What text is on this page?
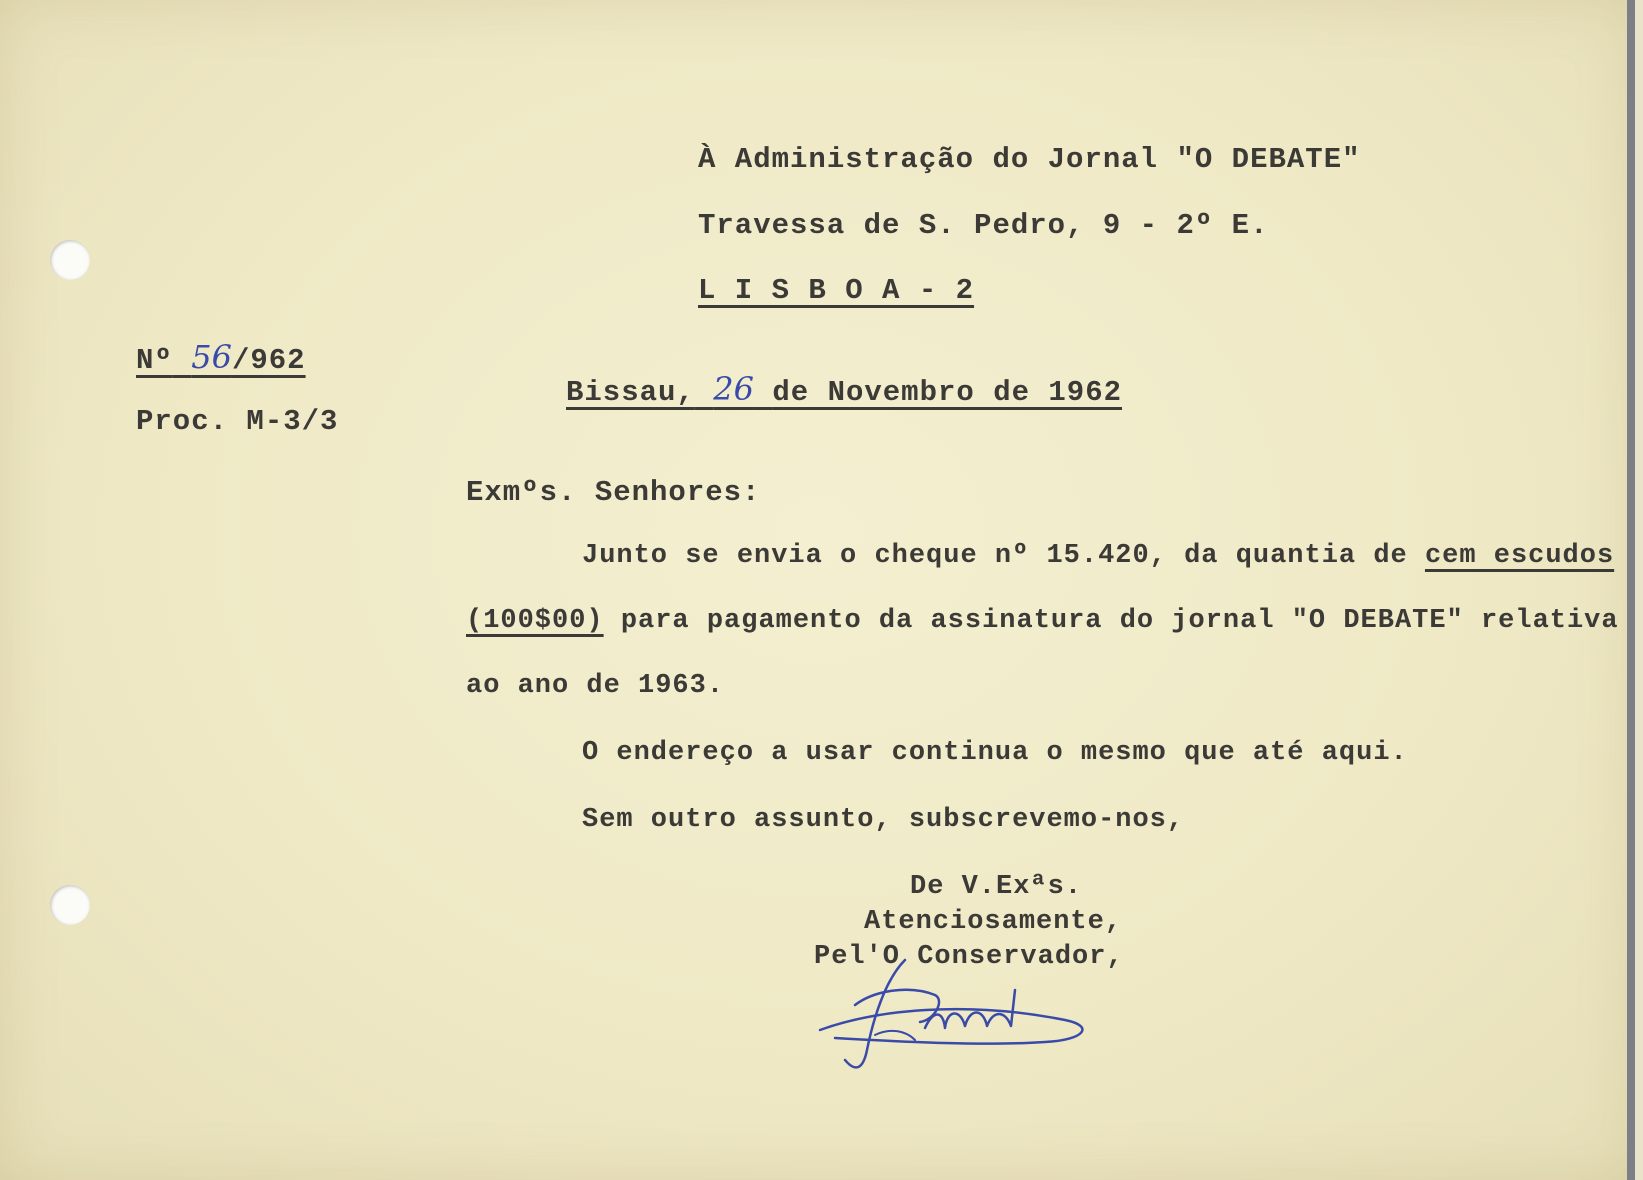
À Administração do Jornal "O DEBATE"
Travessa de S. Pedro, 9 - 2º E.
L I S B O A - 2
Nº 56/962
Proc. M-3/3
Bissau, 26 de Novembro de 1962
Exmºs. Senhores:
Junto se envia o cheque nº 15.420, da quantia de cem escudos
(100$00) para pagamento da assinatura do jornal "O DEBATE" relativa
ao ano de 1963.
O endereço a usar continua o mesmo que até aqui.
Sem outro assunto, subscrevemo-nos,
De V.Exªs.
Atenciosamente,
Pel'O Conservador,
